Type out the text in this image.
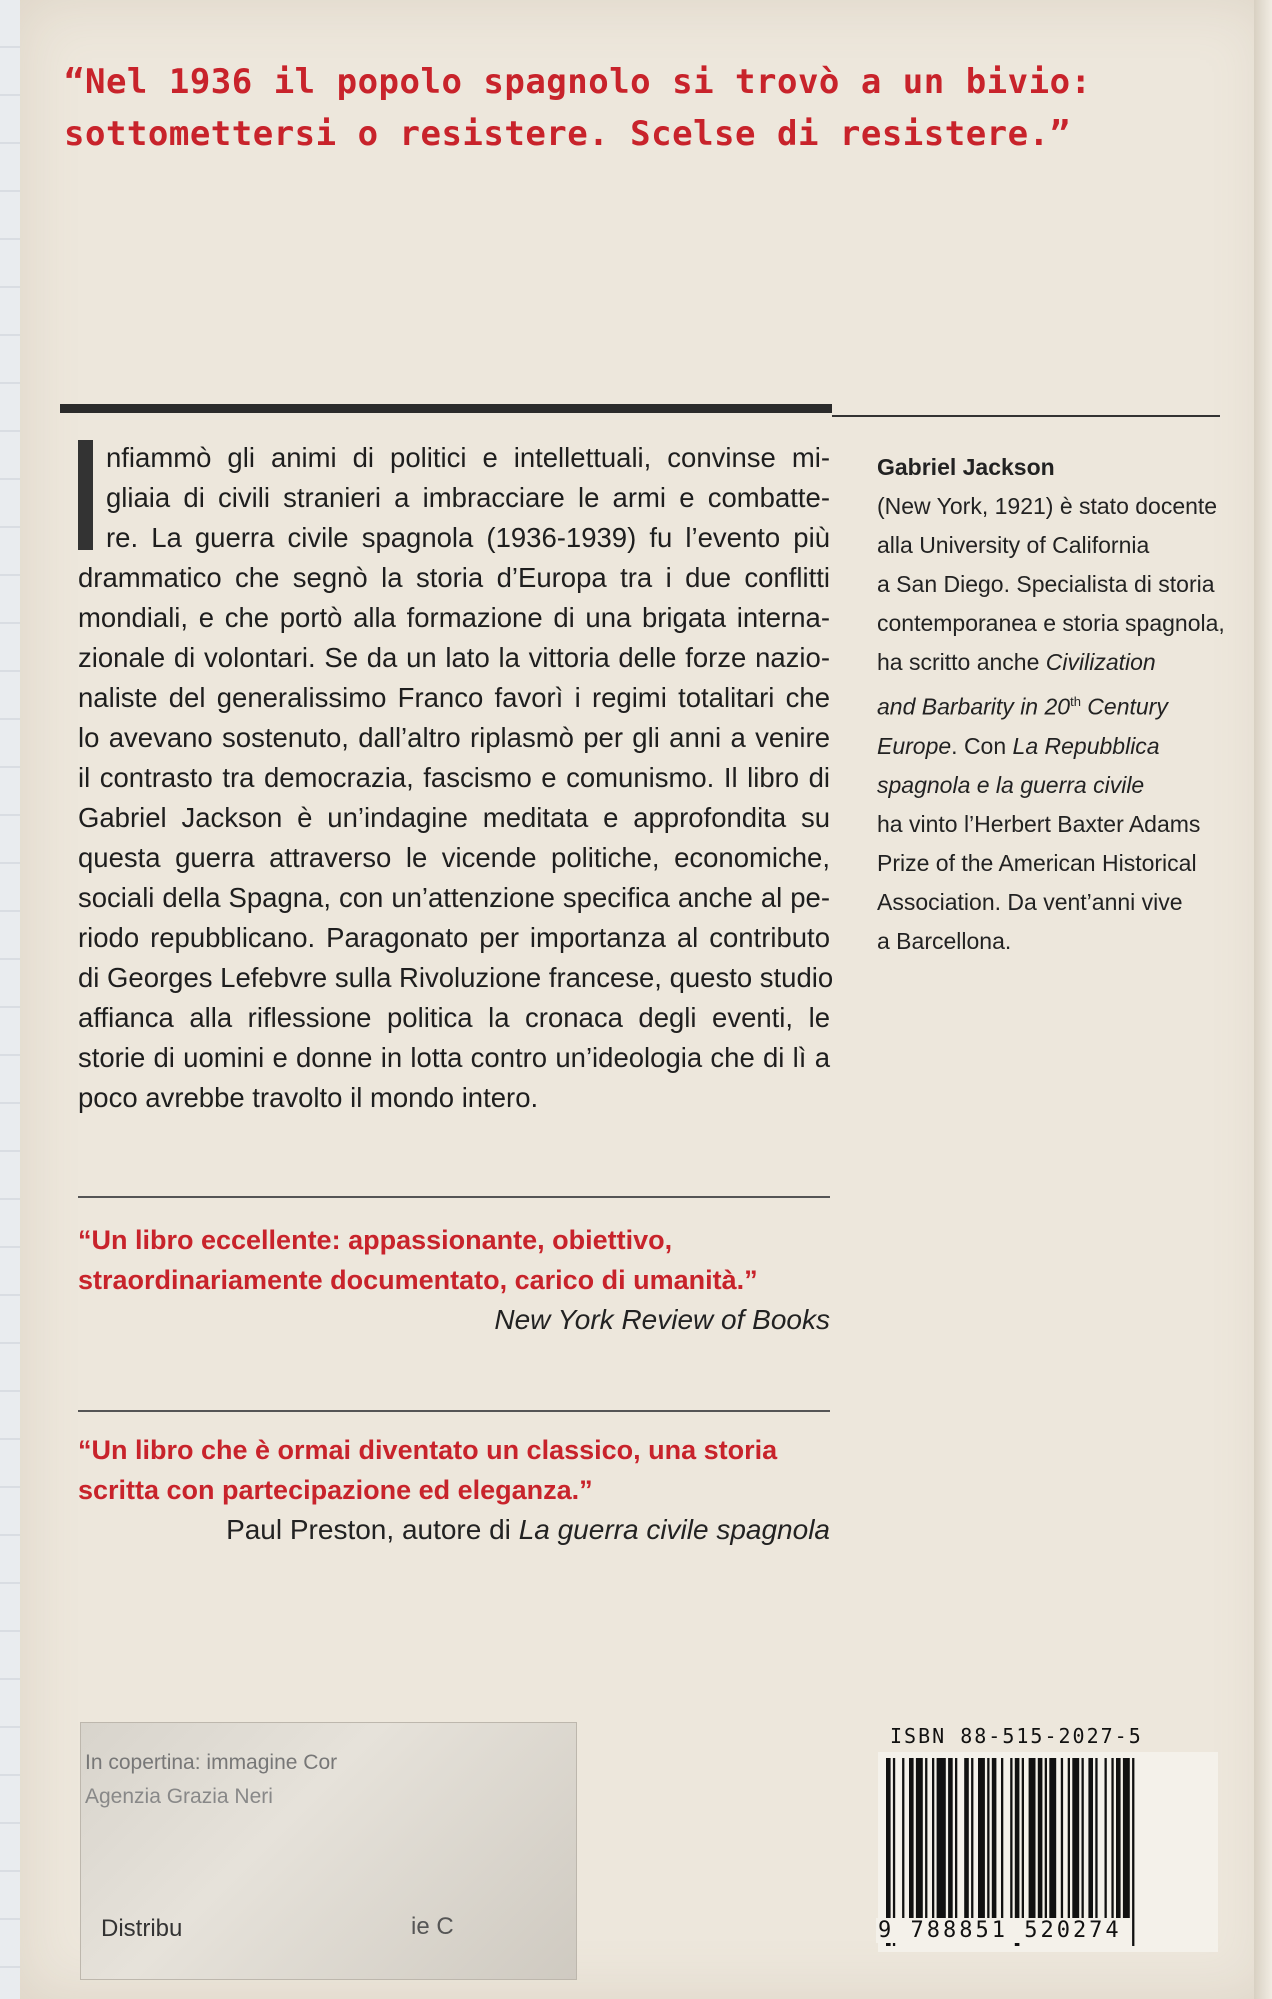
“Nel 1936 il popolo spagnolo si trovò a un bivio:
sottomettersi o resistere. Scelse di resistere.”
nfiammò gli animi di politici e intellettuali, convinse mi-
gliaia di civili stranieri a imbracciare le armi e combatte-
re. La guerra civile spagnola (1936-1939) fu l’evento più
drammatico che segnò la storia d’Europa tra i due conflitti
mondiali, e che portò alla formazione di una brigata interna-
zionale di volontari. Se da un lato la vittoria delle forze nazio-
naliste del generalissimo Franco favorì i regimi totalitari che
lo avevano sostenuto, dall’altro riplasmò per gli anni a venire
il contrasto tra democrazia, fascismo e comunismo. Il libro di
Gabriel Jackson è un’indagine meditata e approfondita su
questa guerra attraverso le vicende politiche, economiche,
sociali della Spagna, con un’attenzione specifica anche al pe-
riodo repubblicano. Paragonato per importanza al contributo
di Georges Lefebvre sulla Rivoluzione francese, questo studio
affianca alla riflessione politica la cronaca degli eventi, le
storie di uomini e donne in lotta contro un’ideologia che di lì a
poco avrebbe travolto il mondo intero.
Gabriel Jackson
(New York, 1921) è stato docente
alla University of California
a San Diego. Specialista di storia
contemporanea e storia spagnola,
ha scritto anche Civilization
and Barbarity in 20th Century
Europe. Con La Repubblica
spagnola e la guerra civile
ha vinto l’Herbert Baxter Adams
Prize of the American Historical
Association. Da vent’anni vive
a Barcellona.
“Un libro eccellente: appassionante, obiettivo,
straordinariamente documentato, carico di umanità.”
New York Review of Books
“Un libro che è ormai diventato un classico, una storia
scritta con partecipazione ed eleganza.”
Paul Preston, autore di La guerra civile spagnola
In copertina: immagine Cor
Agenzia Grazia Neri
Distribu	ie C
ISBN 88-515-2027-5
9 788851 520274
